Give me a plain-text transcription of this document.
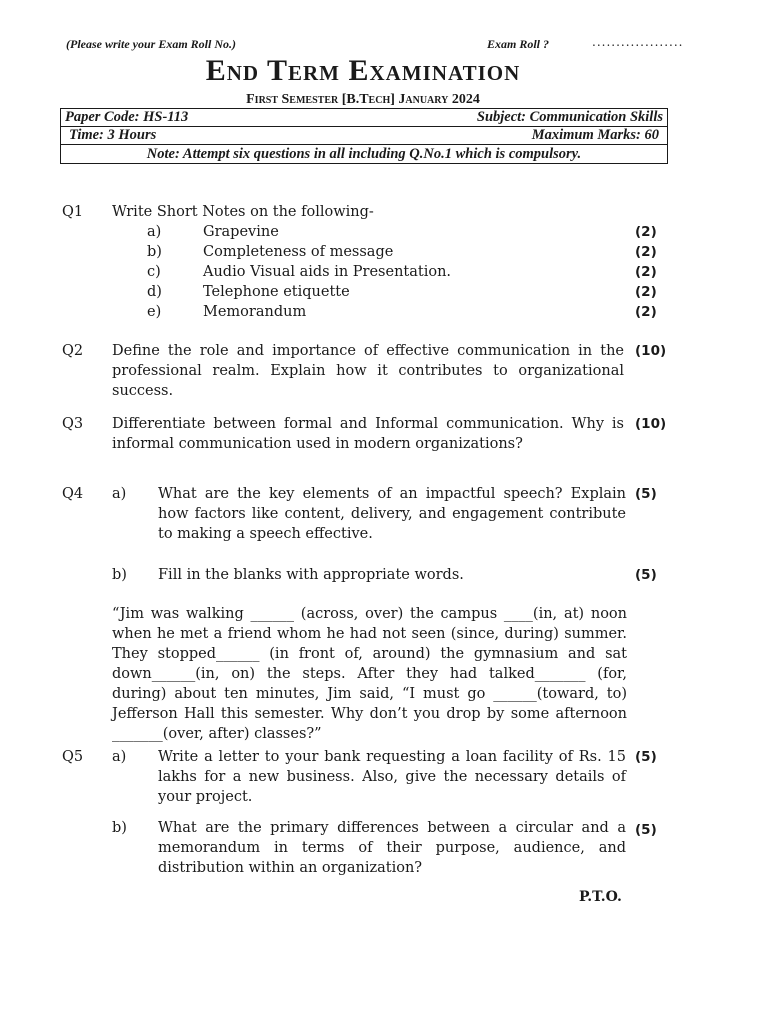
(Please write your Exam Roll No.)	Exam Roll ?	...................
End Term Examination
First Semester [B.Tech] January 2024
Paper Code: HS-113	Subject: Communication Skills
Time: 3 Hours	Maximum Marks: 60
Note: Attempt six questions in all including Q.No.1 which is compulsory.
Q1 Write Short Notes on the following-
a)	Grapevine	(2)
b)	Completeness of message	(2)
c)	Audio Visual aids in Presentation.	(2)
d)	Telephone etiquette	(2)
e)	Memorandum	(2)
Q2 Define the role and importance of effective communication in the professional realm. Explain how it contributes to organizational success.
(10)
Q3 Differentiate between formal and Informal communication. Why is informal communication used in modern organizations?
(10)
Q4 a) What are the key elements of an impactful speech? Explain how factors like content, delivery, and engagement contribute to making a speech effective.
(5)
b) Fill in the blanks with appropriate words.	(5)
“Jim was walking ______ (across, over) the campus ____(in, at) noon when he met a friend whom he had not seen (since, during) summer. They stopped______ (in front of, around) the gymnasium and sat down______(in, on) the steps. After they had talked_______ (for, during) about ten minutes, Jim said, “I must go ______(toward, to) Jefferson Hall this semester. Why don’t you drop by some afternoon _______(over, after) classes?”
Q5 a) Write a letter to your bank requesting a loan facility of Rs. 15 lakhs for a new business. Also, give the necessary details of your project.
(5)
b) What are the primary differences between a circular and a memorandum in terms of their purpose, audience, and distribution within an organization?
(5)
P.T.O.
